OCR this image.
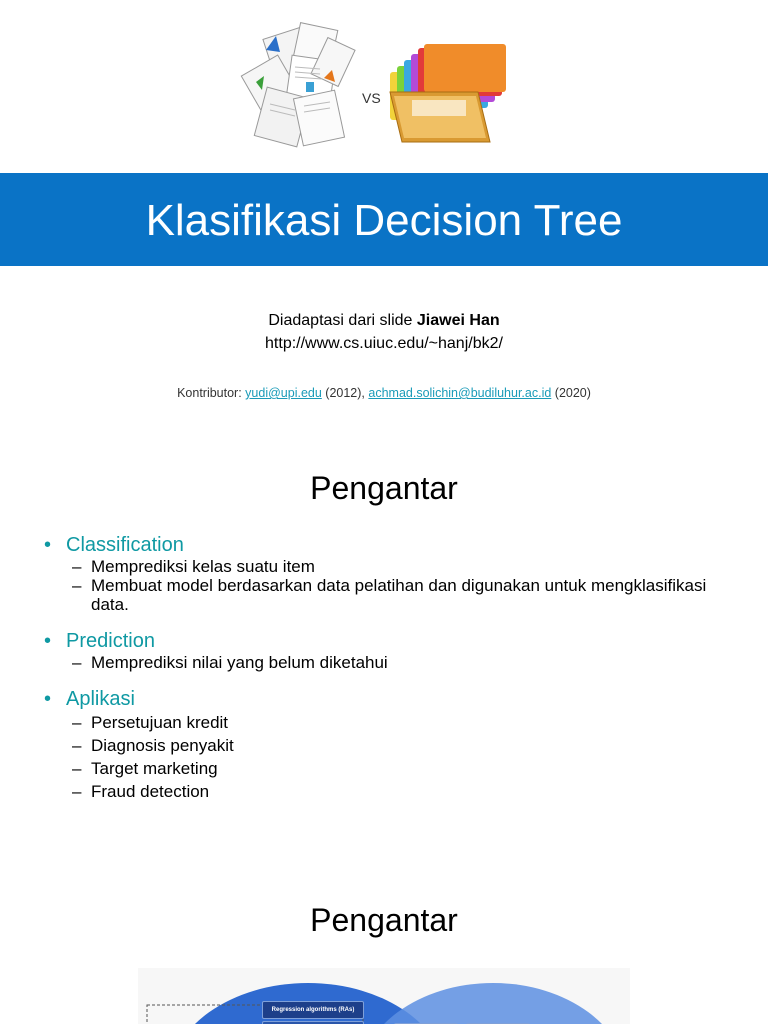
VS
Klasifikasi Decision Tree
Diadaptasi dari slide Jiawei Han
http://www.cs.uiuc.edu/~hanj/bk2/
Kontributor: yudi@upi.edu (2012), achmad.solichin@budiluhur.ac.id (2020)
Pengantar
• Classification
– Memprediksi kelas suatu item
– Membuat model berdasarkan data pelatihan dan digunakan untuk mengklasifikasi data.
• Prediction
– Memprediksi nilai yang belum diketahui
• Aplikasi
– Persetujuan kredit
– Diagnosis penyakit
– Target marketing
– Fraud detection
Pengantar
Regression algorithms (RAs)
